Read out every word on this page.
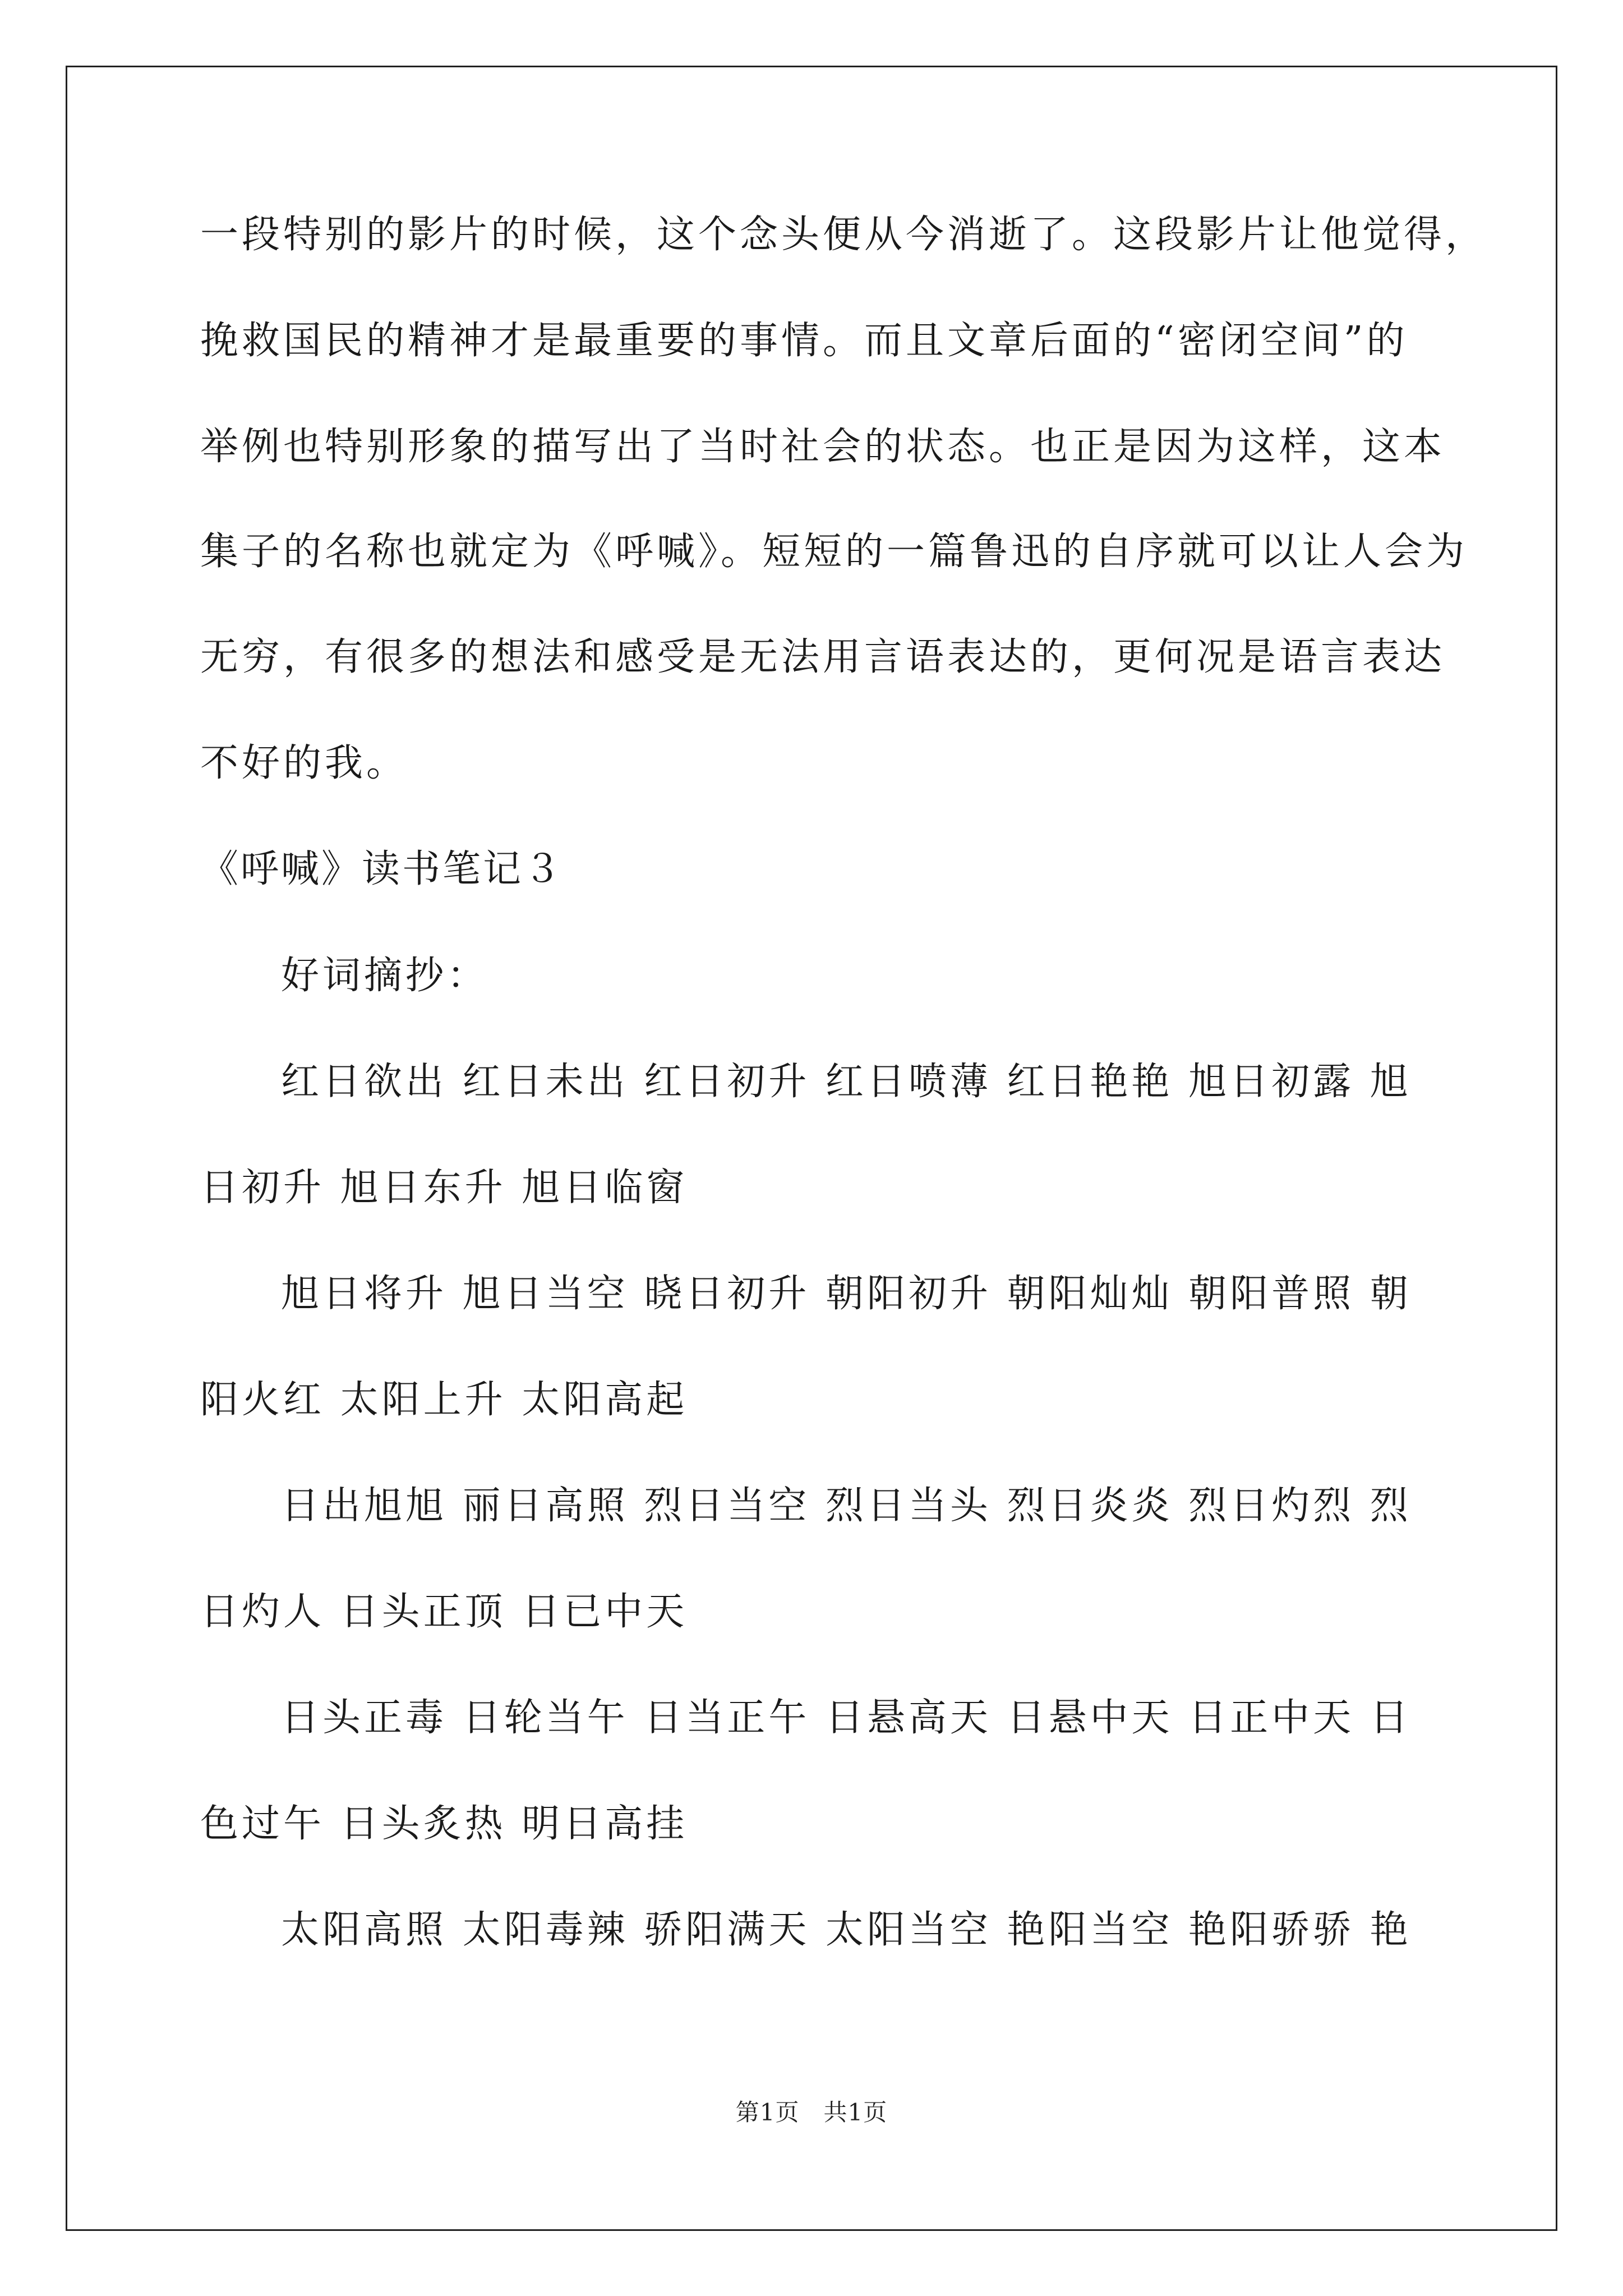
一段特别的影片的时候，这个念头便从今消逝了。这段影片让他觉得，
挽救国民的精神才是最重要的事情。而且文章后面的“密闭空间”的
举例也特别形象的描写出了当时社会的状态。也正是因为这样，这本
集子的名称也就定为《呼喊》。短短的一篇鲁迅的自序就可以让人会为
无穷，有很多的想法和感受是无法用言语表达的，更何况是语言表达
不好的我。
《呼喊》读书笔记３
好词摘抄：
红日欲出 红日未出 红日初升 红日喷薄 红日艳艳 旭日初露 旭
日初升 旭日东升 旭日临窗
旭日将升 旭日当空 晓日初升 朝阳初升 朝阳灿灿 朝阳普照 朝
阳火红 太阳上升 太阳高起
日出旭旭 丽日高照 烈日当空 烈日当头 烈日炎炎 烈日灼烈 烈
日灼人 日头正顶 日已中天
日头正毒 日轮当午 日当正午 日悬高天 日悬中天 日正中天 日
色过午 日头炙热 明日高挂
太阳高照 太阳毒辣 骄阳满天 太阳当空 艳阳当空 艳阳骄骄 艳
第1页　共1页
